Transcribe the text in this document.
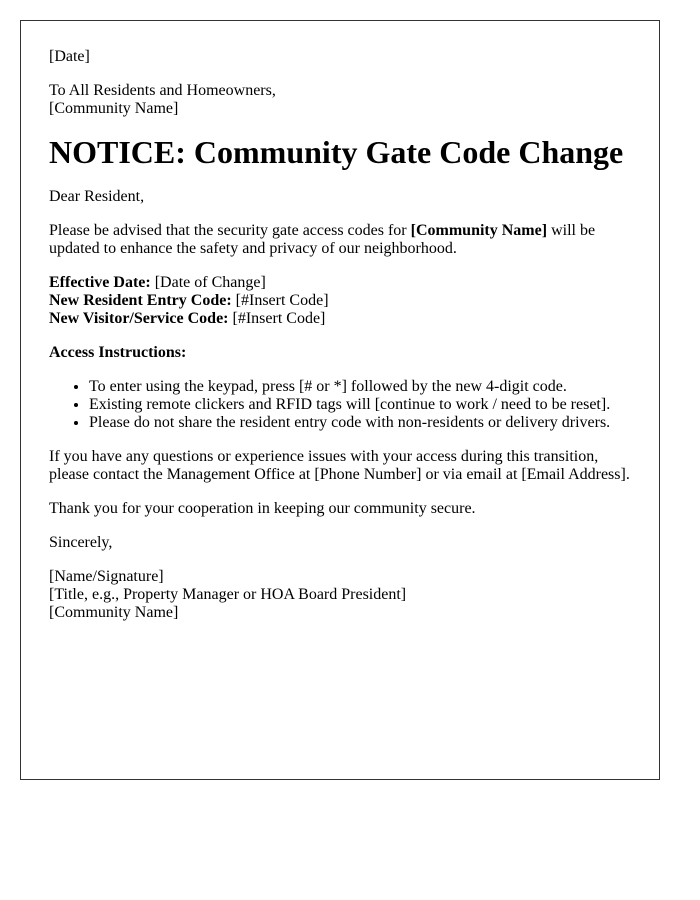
[Date]
To All Residents and Homeowners,
[Community Name]
NOTICE: Community Gate Code Change
Dear Resident,
Please be advised that the security gate access codes for [Community Name] will be updated to enhance the safety and privacy of our neighborhood.
Effective Date: [Date of Change]
New Resident Entry Code: [#Insert Code]
New Visitor/Service Code: [#Insert Code]
Access Instructions:
• To enter using the keypad, press [# or *] followed by the new 4-digit code.
• Existing remote clickers and RFID tags will [continue to work / need to be reset].
• Please do not share the resident entry code with non-residents or delivery drivers.
If you have any questions or experience issues with your access during this transition, please contact the Management Office at [Phone Number] or via email at [Email Address].
Thank you for your cooperation in keeping our community secure.
Sincerely,
[Name/Signature]
[Title, e.g., Property Manager or HOA Board President]
[Community Name]
